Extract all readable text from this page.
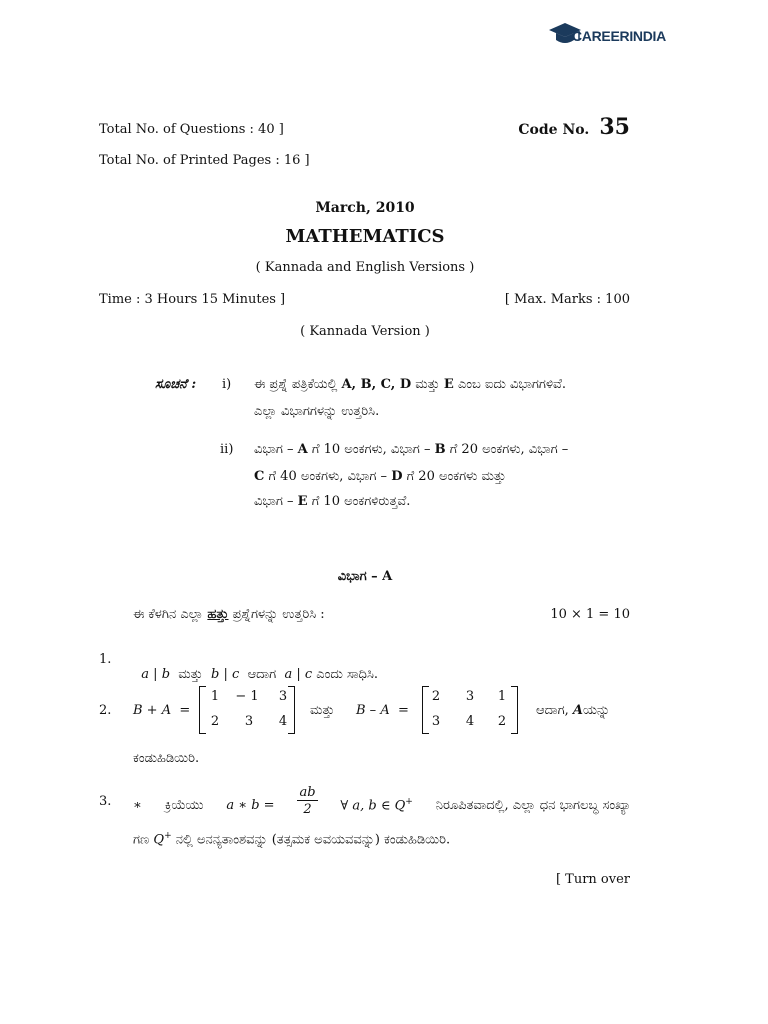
CAREERINDIA
Total No. of Questions : 40 ]
Total No. of Printed Pages : 16 ]
Code No. 35
March, 2010
MATHEMATICS
( Kannada and English Versions )
Time : 3 Hours 15 Minutes ]	[ Max. Marks : 100
( Kannada Version )
ಸೂಚನೆ : i) ಈ ಪ್ರಶ್ನೆ ಪತ್ರಿಕೆಯಲ್ಲಿ A, B, C, D ಮತ್ತು E ಎಂಬ ಐದು ವಿಭಾಗಗಳಿವೆ.
ಎಲ್ಲಾ ವಿಭಾಗಗಳನ್ನು ಉತ್ತರಿಸಿ.
ii) ವಿಭಾಗ – A ಗೆ 10 ಅಂಕಗಳು, ವಿಭಾಗ – B ಗೆ 20 ಅಂಕಗಳು, ವಿಭಾಗ –
C ಗೆ 40 ಅಂಕಗಳು, ವಿಭಾಗ – D ಗೆ 20 ಅಂಕಗಳು ಮತ್ತು
ವಿಭಾಗ – E ಗೆ 10 ಅಂಕಗಳಿರುತ್ತವೆ.
ವಿಭಾಗ – A
ಈ ಕೆಳಗಿನ ಎಲ್ಲಾ ಹತ್ತು ಪ್ರಶ್ನೆಗಳನ್ನು ಉತ್ತರಿಸಿ :	10 × 1 = 10
1.

a | b  ಮತ್ತು  b | c  ಆದಾಗ  a | c ಎಂದು ಸಾಧಿಸಿ.

2. B + A  =
1	− 1	3
2	3	4
ಮತ್ತು B – A  =
2	3	1
3	4	2
ಆದಾಗ, Aಯನ್ನು
ಕಂಡುಹಿಡಿಯಿರಿ.
3. ∗ ಕ್ರಿಯೆಯು a ∗ $b = \frac{ab}{2}$ ∀ a, b ∈ Q+ ನಿರೂಪಿತವಾದಲ್ಲಿ, ಎಲ್ಲಾ ಧನ ಭಾಗಲಬ್ಧ ಸಂಖ್ಯಾ
ಗಣ Q+ ನಲ್ಲಿ ಅನನ್ಯತಾಂಶವನ್ನು (ತತ್ಸಮಕ ಅವಯವವನ್ನು) ಕಂಡುಹಿಡಿಯಿರಿ.
[ Turn over
